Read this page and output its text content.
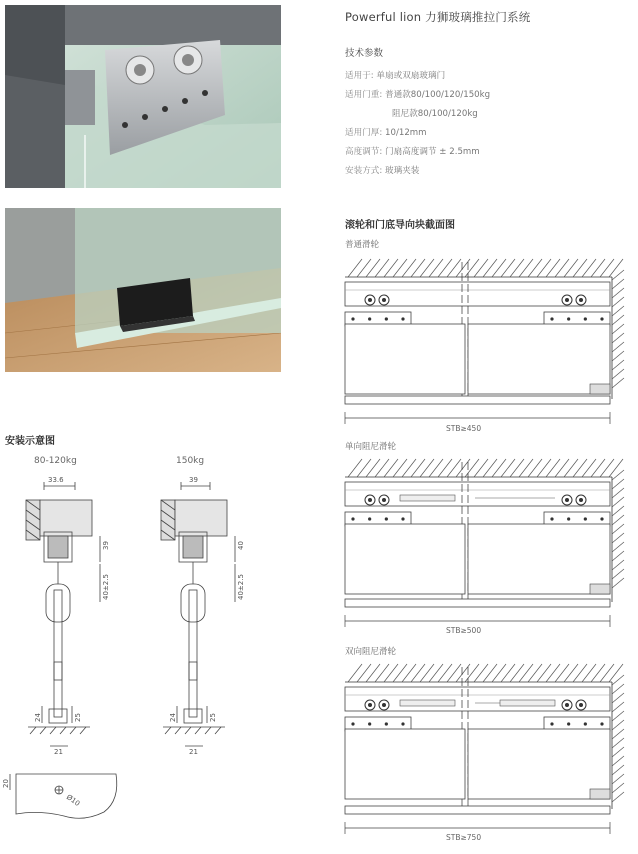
Powerful lion 力狮玻璃推拉门系统
技术参数
适用于: 单扇或双扇玻璃门
适用门重: 普通款80/100/120/150kg
阻尼款80/100/120kg
适用门厚: 10/12mm
高度调节: 门扇高度调节 ± 2.5mm
安装方式: 玻璃夹装
滚轮和门底导向块截面图
普通滑轮
单向阻尼滑轮
双向阻尼滑轮
STB≥450
STB≥500
STB≥750
安装示意图
80-120kg	150kg
33.6
39
40±2.5
24	25
21
39
40
40±2.5
24	25
21
20
Ø10
